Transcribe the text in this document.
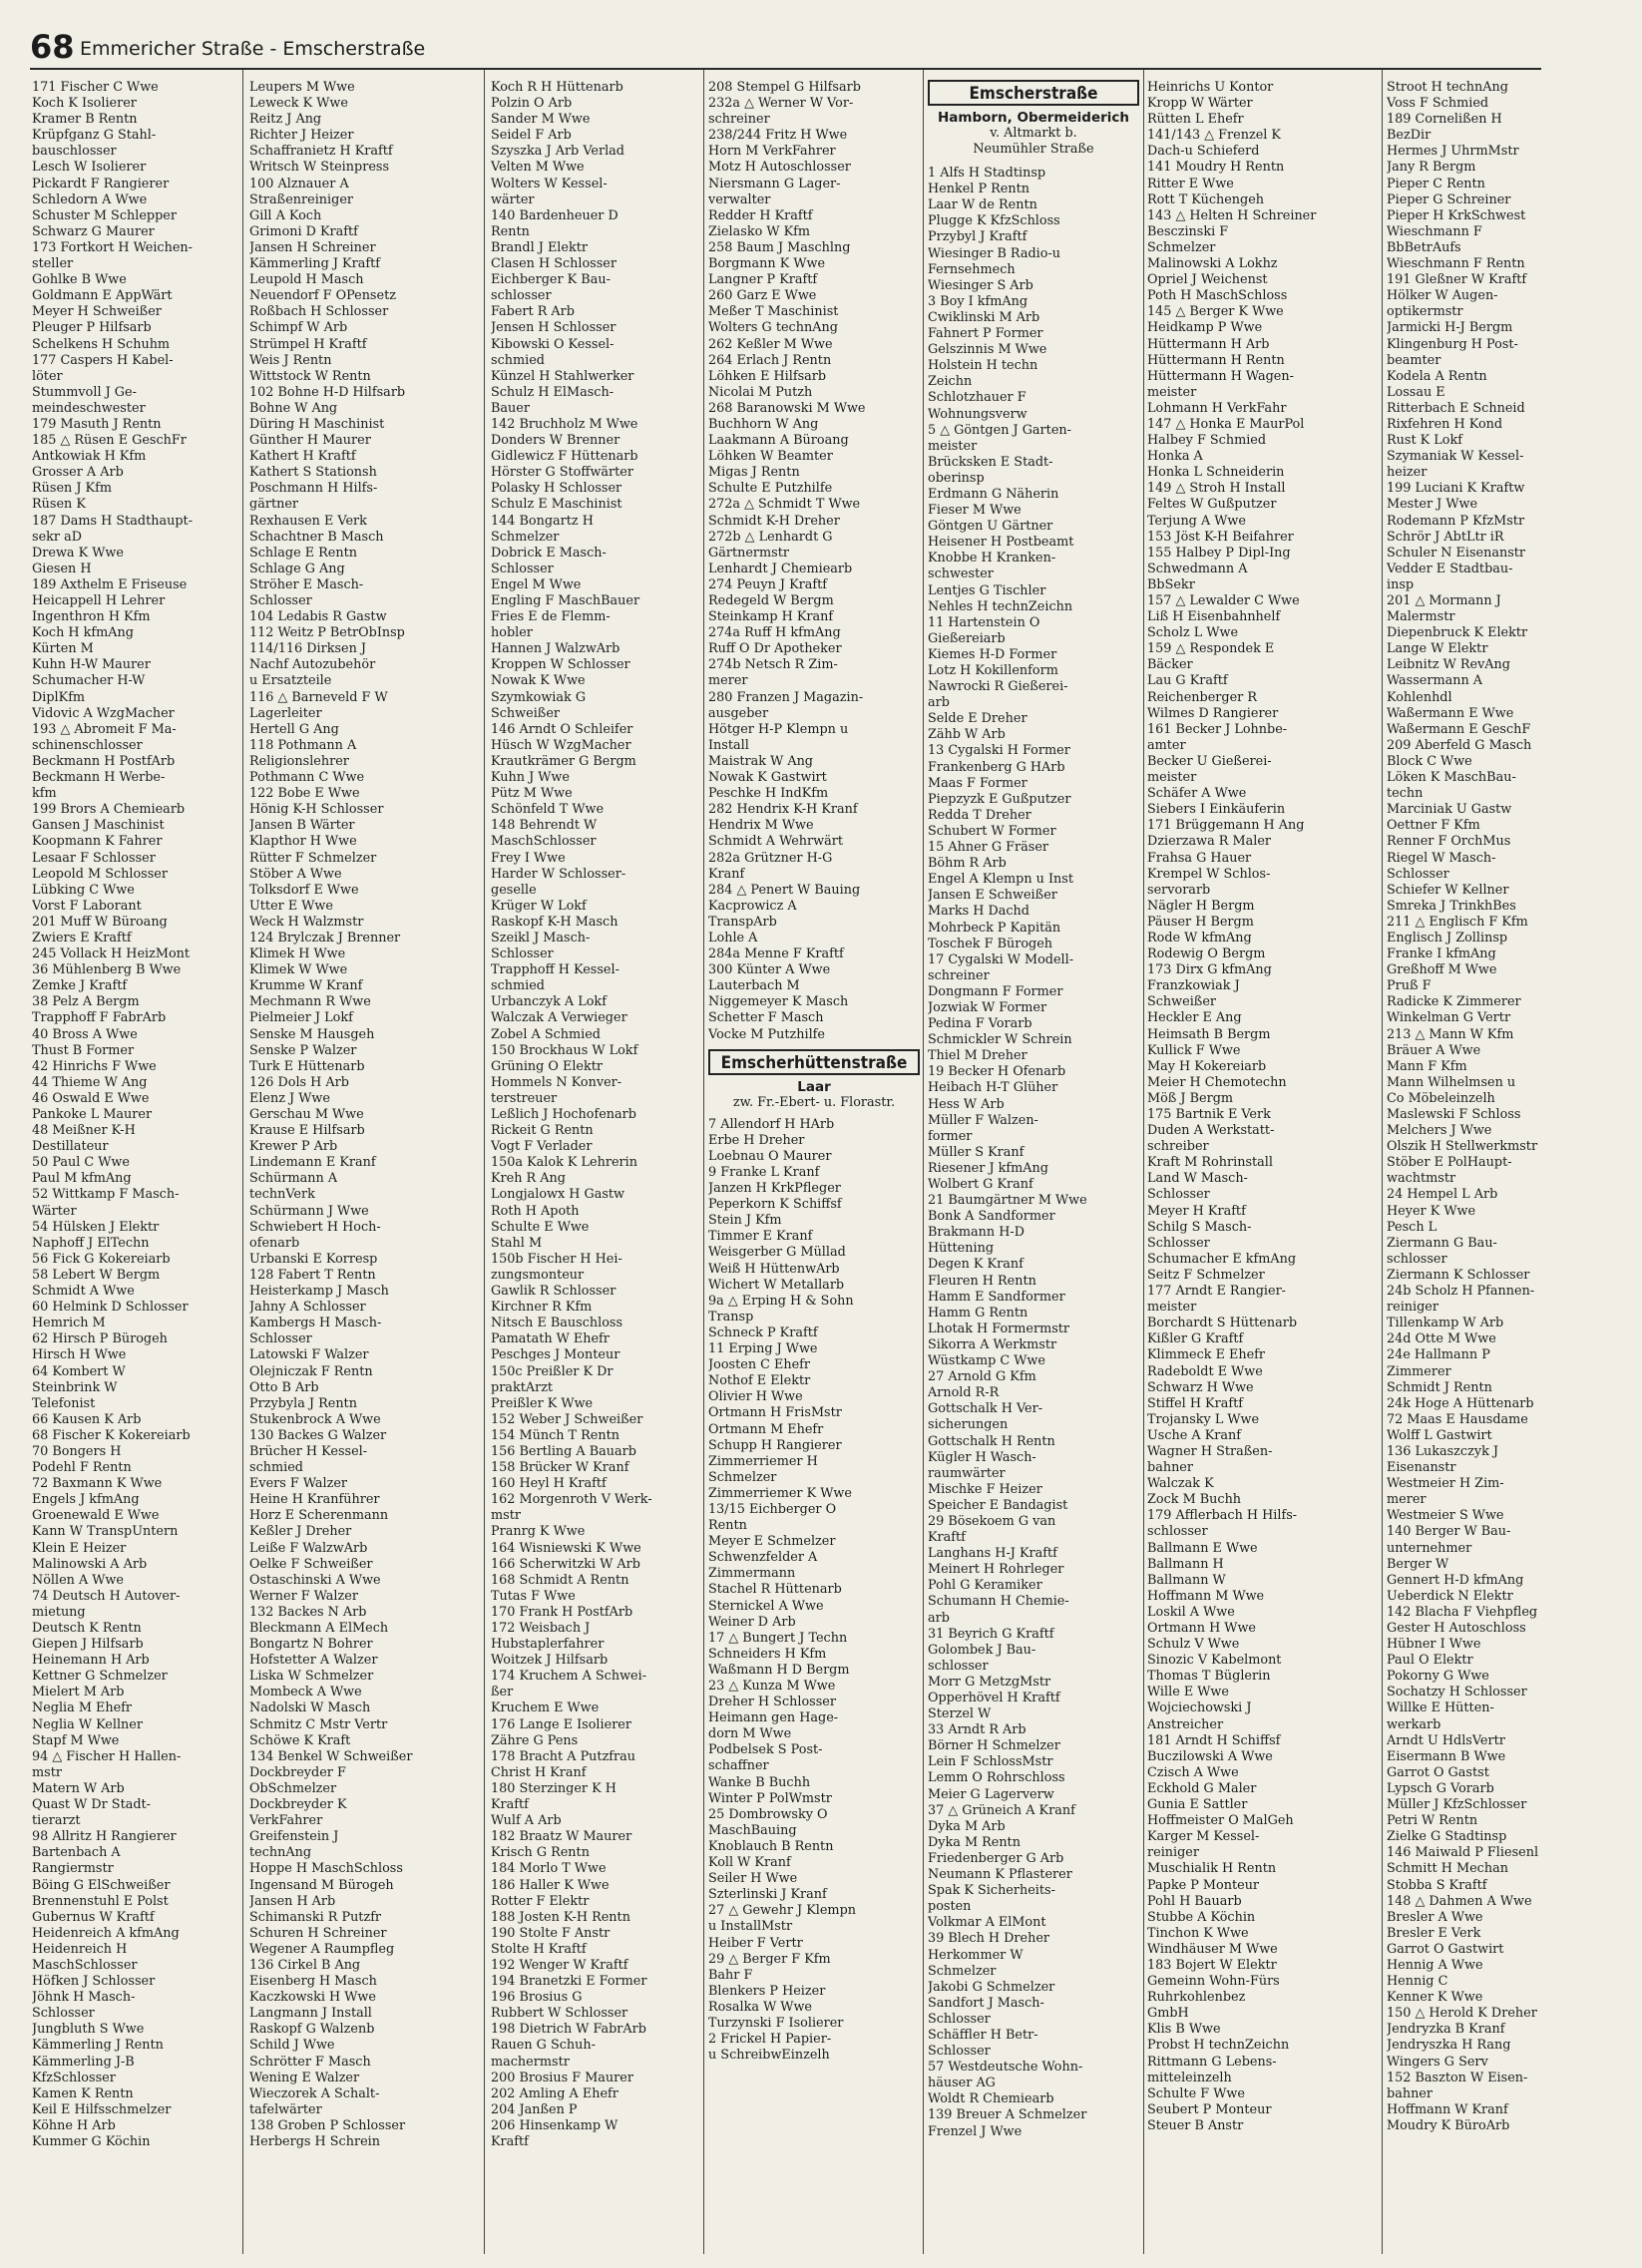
68 Emmericher Straße - Emscherstraße
171 Fischer C Wwe
Koch K Isolierer
Kramer B Rentn
Krüpfganz G Stahl-
bauschlosser
Lesch W Isolierer
Pickardt F Rangierer
Schledorn A Wwe
Schuster M Schlepper
Schwarz G Maurer
173 Fortkort H Weichen-
steller
Gohlke B Wwe
Goldmann E AppWärt
Meyer H Schweißer
Pleuger P Hilfsarb
Schelkens H Schuhm
177 Caspers H Kabel-
löter
Stummvoll J Ge-
meindeschwester
179 Masuth J Rentn
185 △ Rüsen E GeschFr
Antkowiak H Kfm
Grosser A Arb
Rüsen J Kfm
Rüsen K
187 Dams H Stadthaupt-
sekr aD
Drewa K Wwe
Giesen H
189 Axthelm E Friseuse
Heicappell H Lehrer
Ingenthron H Kfm
Koch H kfmAng
Kürten M
Kuhn H-W Maurer
Schumacher H-W
DiplKfm
Vidovic A WzgMacher
193 △ Abromeit F Ma-
schinenschlosser
Beckmann H PostfArb
Beckmann H Werbe-
kfm
199 Brors A Chemiearb
Gansen J Maschinist
Koopmann K Fahrer
Lesaar F Schlosser
Leopold M Schlosser
Lübking C Wwe
Vorst F Laborant
201 Muff W Büroang
Zwiers E Kraftf
245 Vollack H HeizMont
36 Mühlenberg B Wwe
Zemke J Kraftf
38 Pelz A Bergm
Trapphoff F FabrArb
40 Bross A Wwe
Thust B Former
42 Hinrichs F Wwe
44 Thieme W Ang
46 Oswald E Wwe
Pankoke L Maurer
48 Meißner K-H
Destillateur
50 Paul C Wwe
Paul M kfmAng
52 Wittkamp F Masch-
Wärter
54 Hülsken J Elektr
Naphoff J ElTechn
56 Fick G Kokereiarb
58 Lebert W Bergm
Schmidt A Wwe
60 Helmink D Schlosser
Hemrich M
62 Hirsch P Bürogeh
Hirsch H Wwe
64 Kombert W
Steinbrink W
Telefonist
66 Kausen K Arb
68 Fischer K Kokereiarb
70 Bongers H
Podehl F Rentn
72 Baxmann K Wwe
Engels J kfmAng
Groenewald E Wwe
Kann W TranspUntern
Klein E Heizer
Malinowski A Arb
Nöllen A Wwe
74 Deutsch H Autover-
mietung
Deutsch K Rentn
Giepen J Hilfsarb
Heinemann H Arb
Kettner G Schmelzer
Mielert M Arb
Neglia M Ehefr
Neglia W Kellner
Stapf M Wwe
94 △ Fischer H Hallen-
mstr
Matern W Arb
Quast W Dr Stadt-
tierarzt
98 Allritz H Rangierer
Bartenbach A
Rangiermstr
Böing G ElSchweißer
Brennenstuhl E Polst
Gubernus W Kraftf
Heidenreich A kfmAng
Heidenreich H
MaschSchlosser
Höfken J Schlosser
Jöhnk H Masch-
Schlosser
Jungbluth S Wwe
Kämmerling J Rentn
Kämmerling J-B
KfzSchlosser
Kamen K Rentn
Keil E Hilfsschmelzer
Köhne H Arb
Kummer G Köchin
Leupers M Wwe
Leweck K Wwe
Reitz J Ang
Richter J Heizer
Schaffranietz H Kraftf
Writsch W Steinpress
100 Alznauer A
Straßenreiniger
Gill A Koch
Grimoni D Kraftf
Jansen H Schreiner
Kämmerling J Kraftf
Leupold H Masch
Neuendorf F OPensetz
Roßbach H Schlosser
Schimpf W Arb
Strümpel H Kraftf
Weis J Rentn
Wittstock W Rentn
102 Bohne H-D Hilfsarb
Bohne W Ang
Düring H Maschinist
Günther H Maurer
Kathert H Kraftf
Kathert S Stationsh
Poschmann H Hilfs-
gärtner
Rexhausen E Verk
Schachtner B Masch
Schlage E Rentn
Schlage G Ang
Ströher E Masch-
Schlosser
104 Ledabis R Gastw
112 Weitz P BetrObInsp
114/116 Dirksen J
Nachf Autozubehör
u Ersatzteile
116 △ Barneveld F W
Lagerleiter
Hertell G Ang
118 Pothmann A
Religionslehrer
Pothmann C Wwe
122 Bobe E Wwe
Hönig K-H Schlosser
Jansen B Wärter
Klapthor H Wwe
Rütter F Schmelzer
Stöber A Wwe
Tolksdorf E Wwe
Utter E Wwe
Weck H Walzmstr
124 Brylczak J Brenner
Klimek H Wwe
Klimek W Wwe
Krumme W Kranf
Mechmann R Wwe
Pielmeier J Lokf
Senske M Hausgeh
Senske P Walzer
Turk E Hüttenarb
126 Dols H Arb
Elenz J Wwe
Gerschau M Wwe
Krause E Hilfsarb
Krewer P Arb
Lindemann E Kranf
Schürmann A
technVerk
Schürmann J Wwe
Schwiebert H Hoch-
ofenarb
Urbanski E Korresp
128 Fabert T Rentn
Heisterkamp J Masch
Jahny A Schlosser
Kambergs H Masch-
Schlosser
Latowski F Walzer
Olejniczak F Rentn
Otto B Arb
Przybyla J Rentn
Stukenbrock A Wwe
130 Backes G Walzer
Brücher H Kessel-
schmied
Evers F Walzer
Heine H Kranführer
Horz E Scherenmann
Keßler J Dreher
Leiße F WalzwArb
Oelke F Schweißer
Ostaschinski A Wwe
Werner F Walzer
132 Backes N Arb
Bleckmann A ElMech
Bongartz N Bohrer
Hofstetter A Walzer
Liska W Schmelzer
Mombeck A Wwe
Nadolski W Masch
Schmitz C Mstr Vertr
Schöwe K Kraft
134 Benkel W Schweißer
Dockbreyder F
ObSchmelzer
Dockbreyder K
VerkFahrer
Greifenstein J
technAng
Hoppe H MaschSchloss
Ingensand M Bürogeh
Jansen H Arb
Schimanski R Putzfr
Schuren H Schreiner
Wegener A Raumpfleg
136 Cirkel B Ang
Eisenberg H Masch
Kaczkowski H Wwe
Langmann J Install
Raskopf G Walzenb
Schild J Wwe
Schrötter F Masch
Wening E Walzer
Wieczorek A Schalt-
tafelwärter
138 Groben P Schlosser
Herbergs H Schrein
Koch R H Hüttenarb
Polzin O Arb
Sander M Wwe
Seidel F Arb
Szyszka J Arb Verlad
Velten M Wwe
Wolters W Kessel-
wärter
140 Bardenheuer D
Rentn
Brandl J Elektr
Clasen H Schlosser
Eichberger K Bau-
schlosser
Fabert R Arb
Jensen H Schlosser
Kibowski O Kessel-
schmied
Künzel H Stahlwerker
Schulz H ElMasch-
Bauer
142 Bruchholz M Wwe
Donders W Brenner
Gidlewicz F Hüttenarb
Hörster G Stoffwärter
Polasky H Schlosser
Schulz E Maschinist
144 Bongartz H
Schmelzer
Dobrick E Masch-
Schlosser
Engel M Wwe
Engling F MaschBauer
Fries E de Flemm-
hobler
Hannen J WalzwArb
Kroppen W Schlosser
Nowak K Wwe
Szymkowiak G
Schweißer
146 Arndt O Schleifer
Hüsch W WzgMacher
Krautkrämer G Bergm
Kuhn J Wwe
Pütz M Wwe
Schönfeld T Wwe
148 Behrendt W
MaschSchlosser
Frey I Wwe
Harder W Schlosser-
geselle
Krüger W Lokf
Raskopf K-H Masch
Szeikl J Masch-
Schlosser
Trapphoff H Kessel-
schmied
Urbanczyk A Lokf
Walczak A Verwieger
Zobel A Schmied
150 Brockhaus W Lokf
Grüning O Elektr
Hommels N Konver-
terstreuer
Leßlich J Hochofenarb
Rickeit G Rentn
Vogt F Verlader
150a Kalok K Lehrerin
Kreh R Ang
Longjalowx H Gastw
Roth H Apoth
Schulte E Wwe
Stahl M
150b Fischer H Hei-
zungsmonteur
Gawlik R Schlosser
Kirchner R Kfm
Nitsch E Bauschloss
Pamatath W Ehefr
Peschges J Monteur
150c Preißler K Dr
praktArzt
Preißler K Wwe
152 Weber J Schweißer
154 Münch T Rentn
156 Bertling A Bauarb
158 Brücker W Kranf
160 Heyl H Kraftf
162 Morgenroth V Werk-
mstr
Pranrg K Wwe
164 Wisniewski K Wwe
166 Scherwitzki W Arb
168 Schmidt A Rentn
Tutas F Wwe
170 Frank H PostfArb
172 Weisbach J
Hubstaplerfahrer
Woitzek J Hilfsarb
174 Kruchem A Schwei-
ßer
Kruchem E Wwe
176 Lange E Isolierer
Zähre G Pens
178 Bracht A Putzfrau
Christ H Kranf
180 Sterzinger K H
Kraftf
Wulf A Arb
182 Braatz W Maurer
Krisch G Rentn
184 Morlo T Wwe
186 Haller K Wwe
Rotter F Elektr
188 Josten K-H Rentn
190 Stolte F Anstr
Stolte H Kraftf
192 Wenger W Kraftf
194 Branetzki E Former
196 Brosius G
Rubbert W Schlosser
198 Dietrich W FabrArb
Rauen G Schuh-
machermstr
200 Brosius F Maurer
202 Amling A Ehefr
204 Janßen P
206 Hinsenkamp W
Kraftf
208 Stempel G Hilfsarb
232a △ Werner W Vor-
schreiner
238/244 Fritz H Wwe
Horn M VerkFahrer
Motz H Autoschlosser
Niersmann G Lager-
verwalter
Redder H Kraftf
Zielasko W Kfm
258 Baum J Maschlng
Borgmann K Wwe
Langner P Kraftf
260 Garz E Wwe
Meßer T Maschinist
Wolters G technAng
262 Keßler M Wwe
264 Erlach J Rentn
Löhken E Hilfsarb
Nicolai M Putzh
268 Baranowski M Wwe
Buchhorn W Ang
Laakmann A Büroang
Löhken W Beamter
Migas J Rentn
Schulte E Putzhilfe
272a △ Schmidt T Wwe
Schmidt K-H Dreher
272b △ Lenhardt G
Gärtnermstr
Lenhardt J Chemiearb
274 Peuyn J Kraftf
Redegeld W Bergm
Steinkamp H Kranf
274a Ruff H kfmAng
Ruff O Dr Apotheker
274b Netsch R Zim-
merer
280 Franzen J Magazin-
ausgeber
Hötger H-P Klempn u
Install
Maistrak W Ang
Nowak K Gastwirt
Peschke H IndKfm
282 Hendrix K-H Kranf
Hendrix M Wwe
Schmidt A Wehrwärt
282a Grützner H-G
Kranf
284 △ Penert W Bauing
Kacprowicz A
TranspArb
Lohle A
284a Menne F Kraftf
300 Künter A Wwe
Lauterbach M
Niggemeyer K Masch
Schetter F Masch
Vocke M Putzhilfe
Emscherhüttenstraße
Laar
zw. Fr.-Ebert- u. Florastr.
7 Allendorf H HArb
Erbe H Dreher
Loebnau O Maurer
9 Franke L Kranf
Janzen H KrkPfleger
Peperkorn K Schiffsf
Stein J Kfm
Timmer E Kranf
Weisgerber G Müllad
Weiß H HüttenwArb
Wichert W Metallarb
9a △ Erping H & Sohn
Transp
Schneck P Kraftf
11 Erping J Wwe
Joosten C Ehefr
Nothof E Elektr
Olivier H Wwe
Ortmann H FrisMstr
Ortmann M Ehefr
Schupp H Rangierer
Zimmerriemer H
Schmelzer
Zimmerriemer K Wwe
13/15 Eichberger O
Rentn
Meyer E Schmelzer
Schwenzfelder A
Zimmermann
Stachel R Hüttenarb
Sternickel A Wwe
Weiner D Arb
17 △ Bungert J Techn
Schneiders H Kfm
Waßmann H D Bergm
23 △ Kunza M Wwe
Dreher H Schlosser
Heimann gen Hage-
dorn M Wwe
Podbelsek S Post-
schaffner
Wanke B Buchh
Winter P PolWmstr
25 Dombrowsky O
MaschBauing
Knoblauch B Rentn
Koll W Kranf
Seiler H Wwe
Szterlinski J Kranf
27 △ Gewehr J Klempn
u InstallMstr
Heiber F Vertr
29 △ Berger F Kfm
Bahr F
Blenkers P Heizer
Rosalka W Wwe
Turzynski F Isolierer
2 Frickel H Papier-
u SchreibwEinzelh
Emscherstraße
Hamborn, Obermeiderich
v. Altmarkt b.
Neumühler Straße
1 Alfs H Stadtinsp
Henkel P Rentn
Laar W de Rentn
Plugge K KfzSchloss
Przybyl J Kraftf
Wiesinger B Radio-u
Fernsehmech
Wiesinger S Arb
3 Boy I kfmAng
Cwiklinski M Arb
Fahnert P Former
Gelszinnis M Wwe
Holstein H techn
Zeichn
Schlotzhauer F
Wohnungsverw
5 △ Göntgen J Garten-
meister
Brücksken E Stadt-
oberinsp
Erdmann G Näherin
Fieser M Wwe
Göntgen U Gärtner
Heisener H Postbeamt
Knobbe H Kranken-
schwester
Lentjes G Tischler
Nehles H technZeichn
11 Hartenstein O
Gießereiarb
Kiemes H-D Former
Lotz H Kokillenform
Nawrocki R Gießerei-
arb
Selde E Dreher
Zähb W Arb
13 Cygalski H Former
Frankenberg G HArb
Maas F Former
Piepzyzk E Gußputzer
Redda T Dreher
Schubert W Former
15 Ahner G Fräser
Böhm R Arb
Engel A Klempn u Inst
Jansen E Schweißer
Marks H Dachd
Mohrbeck P Kapitän
Toschek F Bürogeh
17 Cygalski W Modell-
schreiner
Dongmann F Former
Jozwiak W Former
Pedina F Vorarb
Schmickler W Schrein
Thiel M Dreher
19 Becker H Ofenarb
Heibach H-T Glüher
Hess W Arb
Müller F Walzen-
former
Müller S Kranf
Riesener J kfmAng
Wolbert G Kranf
21 Baumgärtner M Wwe
Bonk A Sandformer
Brakmann H-D
Hüttening
Degen K Kranf
Fleuren H Rentn
Hamm E Sandformer
Hamm G Rentn
Lhotak H Formermstr
Sikorra A Werkmstr
Wüstkamp C Wwe
27 Arnold G Kfm
Arnold R-R
Gottschalk H Ver-
sicherungen
Gottschalk H Rentn
Kügler H Wasch-
raumwärter
Mischke F Heizer
Speicher E Bandagist
29 Bösekoem G van
Kraftf
Langhans H-J Kraftf
Meinert H Rohrleger
Pohl G Keramiker
Schumann H Chemie-
arb
31 Beyrich G Kraftf
Golombek J Bau-
schlosser
Morr G MetzgMstr
Opperhövel H Kraftf
Sterzel W
33 Arndt R Arb
Börner H Schmelzer
Lein F SchlossMstr
Lemm O Rohrschloss
Meier G Lagerverw
37 △ Grüneich A Kranf
Dyka M Arb
Dyka M Rentn
Friedenberger G Arb
Neumann K Pflasterer
Spak K Sicherheits-
posten
Volkmar A ElMont
39 Blech H Dreher
Herkommer W
Schmelzer
Jakobi G Schmelzer
Sandfort J Masch-
Schlosser
Schäffler H Betr-
Schlosser
57 Westdeutsche Wohn-
häuser AG
Woldt R Chemiearb
139 Breuer A Schmelzer
Frenzel J Wwe
Heinrichs U Kontor
Kropp W Wärter
Rütten L Ehefr
141/143 △ Frenzel K
Dach-u Schieferd
141 Moudry H Rentn
Ritter E Wwe
Rott T Küchengeh
143 △ Helten H Schreiner
Besczinski F
Schmelzer
Malinowski A Lokhz
Opriel J Weichenst
Poth H MaschSchloss
145 △ Berger K Wwe
Heidkamp P Wwe
Hüttermann H Arb
Hüttermann H Rentn
Hüttermann H Wagen-
meister
Lohmann H VerkFahr
147 △ Honka E MaurPol
Halbey F Schmied
Honka A
Honka L Schneiderin
149 △ Stroh H Install
Feltes W Gußputzer
Terjung A Wwe
153 Jöst K-H Beifahrer
155 Halbey P Dipl-Ing
Schwedmann A
BbSekr
157 △ Lewalder C Wwe
Liß H Eisenbahnhelf
Scholz L Wwe
159 △ Respondek E
Bäcker
Lau G Kraftf
Reichenberger R
Wilmes D Rangierer
161 Becker J Lohnbe-
amter
Becker U Gießerei-
meister
Schäfer A Wwe
Siebers I Einkäuferin
171 Brüggemann H Ang
Dzierzawa R Maler
Frahsa G Hauer
Krempel W Schlos-
servorarb
Nägler H Bergm
Päuser H Bergm
Rode W kfmAng
Rodewig O Bergm
173 Dirx G kfmAng
Franzkowiak J
Schweißer
Heckler E Ang
Heimsath B Bergm
Kullick F Wwe
May H Kokereiarb
Meier H Chemotechn
Möß J Bergm
175 Bartnik E Verk
Duden A Werkstatt-
schreiber
Kraft M Rohrinstall
Land W Masch-
Schlosser
Meyer H Kraftf
Schilg S Masch-
Schlosser
Schumacher E kfmAng
Seitz F Schmelzer
177 Arndt E Rangier-
meister
Borchardt S Hüttenarb
Kißler G Kraftf
Klimmeck E Ehefr
Radeboldt E Wwe
Schwarz H Wwe
Stiffel H Kraftf
Trojansky L Wwe
Usche A Kranf
Wagner H Straßen-
bahner
Walczak K
Zock M Buchh
179 Afflerbach H Hilfs-
schlosser
Ballmann E Wwe
Ballmann H
Ballmann W
Hoffmann M Wwe
Loskil A Wwe
Ortmann H Wwe
Schulz V Wwe
Sinozic V Kabelmont
Thomas T Büglerin
Wille E Wwe
Wojciechowski J
Anstreicher
181 Arndt H Schiffsf
Buczilowski A Wwe
Czisch A Wwe
Eckhold G Maler
Gunia E Sattler
Hoffmeister O MalGeh
Karger M Kessel-
reiniger
Muschialik H Rentn
Papke P Monteur
Pohl H Bauarb
Stubbe A Köchin
Tinchon K Wwe
Windhäuser M Wwe
183 Bojert W Elektr
Gemeinn Wohn-Fürs
Ruhrkohlenbez
GmbH
Klis B Wwe
Probst H technZeichn
Rittmann G Lebens-
mitteleinzelh
Schulte F Wwe
Seubert P Monteur
Steuer B Anstr
Stroot H technAng
Voss F Schmied
189 Cornelißen H
BezDir
Hermes J UhrmMstr
Jany R Bergm
Pieper C Rentn
Pieper G Schreiner
Pieper H KrkSchwest
Wieschmann F
BbBetrAufs
Wieschmann F Rentn
191 Gleßner W Kraftf
Hölker W Augen-
optikermstr
Jarmicki H-J Bergm
Klingenburg H Post-
beamter
Kodela A Rentn
Lossau E
Ritterbach E Schneid
Rixfehren H Kond
Rust K Lokf
Szymaniak W Kessel-
heizer
199 Luciani K Kraftw
Mester J Wwe
Rodemann P KfzMstr
Schrör J AbtLtr iR
Schuler N Eisenanstr
Vedder E Stadtbau-
insp
201 △ Mormann J
Malermstr
Diepenbruck K Elektr
Lange W Elektr
Leibnitz W RevAng
Wassermann A
Kohlenhdl
Waßermann E Wwe
Waßermann E GeschF
209 Aberfeld G Masch
Block C Wwe
Löken K MaschBau-
techn
Marciniak U Gastw
Oettner F Kfm
Renner F OrchMus
Riegel W Masch-
Schlosser
Schiefer W Kellner
Smreka J TrinkhBes
211 △ Englisch F Kfm
Englisch J Zollinsp
Franke I kfmAng
Greßhoff M Wwe
Pruß F
Radicke K Zimmerer
Winkelman G Vertr
213 △ Mann W Kfm
Bräuer A Wwe
Mann F Kfm
Mann Wilhelmsen u
Co Möbeleinzelh
Maslewski F Schloss
Melchers J Wwe
Olszik H Stellwerkmstr
Stöber E PolHaupt-
wachtmstr
24 Hempel L Arb
Heyer K Wwe
Pesch L
Ziermann G Bau-
schlosser
Ziermann K Schlosser
24b Scholz H Pfannen-
reiniger
Tillenkamp W Arb
24d Otte M Wwe
24e Hallmann P
Zimmerer
Schmidt J Rentn
24k Hoge A Hüttenarb
72 Maas E Hausdame
Wolff L Gastwirt
136 Lukaszczyk J
Eisenanstr
Westmeier H Zim-
merer
Westmeier S Wwe
140 Berger W Bau-
unternehmer
Berger W
Gennert H-D kfmAng
Ueberdick N Elektr
142 Blacha F Viehpfleg
Gester H Autoschloss
Hübner I Wwe
Paul O Elektr
Pokorny G Wwe
Sochatzy H Schlosser
Willke E Hütten-
werkarb
Arndt U HdlsVertr
Eisermann B Wwe
Garrot O Gastst
Lypsch G Vorarb
Müller J KfzSchlosser
Petri W Rentn
Zielke G Stadtinsp
146 Maiwald P Fliesenl
Schmitt H Mechan
Stobba S Kraftf
148 △ Dahmen A Wwe
Bresler A Wwe
Bresler E Verk
Garrot O Gastwirt
Hennig A Wwe
Hennig C
Kenner K Wwe
150 △ Herold K Dreher
Jendryzka B Kranf
Jendryszka H Rang
Wingers G Serv
152 Baszton W Eisen-
bahner
Hoffmann W Kranf
Moudry K BüroArb
